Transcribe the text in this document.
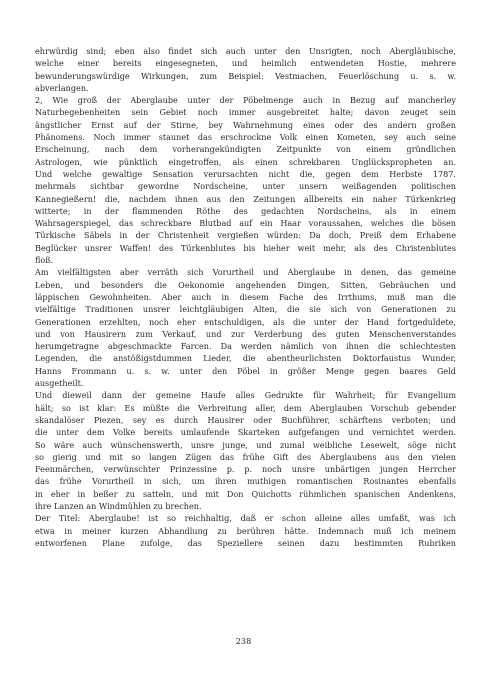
ehrwürdig sind; eben also findet sich auch unter den Unsrigten, noch Abergläubische,
welche einer bereits eingesegneten, und heimlich entwendeten Hostie, mehrere
bewunderungswürdige Wirkungen, zum Beispiel: Vestmachen, Feuerlöschung u. s. w.
abverlangen.
2, Wie groß der Aberglaube unter der Pöbelmenge auch in Bezug auf mancherley
Naturbegebenheiten sein Gebiet noch immer ausgebreitet halte; davon zeuget sein
ängstlicher Ernst auf der Stirne, bey Wahrnehmung eines oder des andern großen
Phänomens. Noch immer staunet das erschrockne Volk einen Kometen, sey auch seine
Erscheinung, nach dem vorherangekündigten Zeitpunkte von einem gründlichen
Astrologen, wie pünktlich eingetroffen, als einen schrekbaren Unglückspropheten an.
Und welche gewaltige Sensation verursachten nicht die, gegen dem Herbste 1787.
mehrmals sichtbar gewordne Nordscheine, unter unsern weißagenden politischen
Kannegießern! die, nachdem ihnen aus den Zeitungen allbereits ein naher Türkenkrieg
witterte; in der flammenden Röthe des gedachten Nordscheins, als in einem
Wahrsagerspiegel, das schreckbare Blutbad auf ein Haar voraussahen, welches die bösen
Türkische Säbels in der Christenheit vergießen würden: Da doch, Preiß dem Erhabene
Beglücker unsrer Waffen! des Türkenblutes bis hieher weit mehr, als des Christenblutes
floß.
Am vielfältigsten aber verräth sich Vorurtheil und Aberglaube in denen, das gemeine
Leben, und besonders die Oekonomie angehenden Dingen, Sitten, Gebräuchen und
läppischen Gewohnheiten. Aber auch in diesem Fache des Irrthums, muß man die
vielfältige Traditionen unsrer leichtgläubigen Alten, die sie sich von Generationen zu
Generationen erzehlten, noch eher entschuldigen, als die unter der Hand fortgeduldete,
und von Hausirern zum Verkauf, und zur Verderbung des guten Menschenverstandes
herumgetragne abgeschmackte Farcen. Da werden nämlich von ihnen die schlechtesten
Legenden, die anstößigstdummen Lieder, die abentheurlichsten Doktorfaustus Wunder,
Hanns Frommann u. s. w. unter den Pöbel in größer Menge gegen baares Geld
ausgetheilt.
Und dieweil dann der gemeine Haufe alles Gedrukte für Wahrheit; für Evangelium
hält; so ist klar: Es müßte die Verbreitung aller, dem Aberglauben Vorschub gebender
skandalöser Piezen, sey es durch Hausirer oder Buchführer, schärftens verboten; und
die unter dem Volke bereits umlaufende Skarteken aufgefangen und vernichtet werden.
So wäre auch wünschenswerth, unsre junge, und zumal weibliche Lesewelt, söge nicht
so gierig und mit so langen Zügen das frühe Gift des Aberglaubens aus den vielen
Feenmärchen, verwünschter Prinzessine p. p. noch unsre unbärtigen jungen Herrcher
das frühe Vorurtheil in sich, um ihren muthigen romantischen Rosinantes ebenfalls
in eher in beßer zu satteln, und mit Don Quichotts rühmlichen spanischen Andenkens,
ihre Lanzen an Windmühlen zu brechen.
Der Titel: Aberglaube! ist so reichhaltig, daß er schon alleine alles umfaßt, was ich
etwa in meiner kurzen Abhandlung zu berühren hätte. Indemnach muß ich meinem
entworfenen Plane zufolge, das Speziellere seinen dazu bestimmten Rubriken
238
